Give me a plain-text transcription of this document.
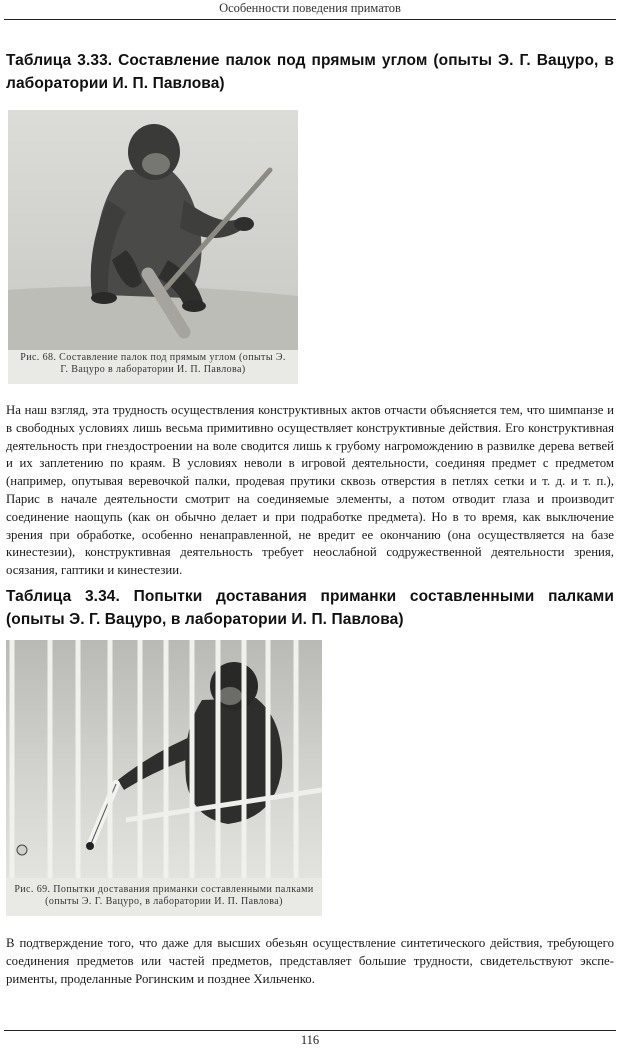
Особенности поведения приматов
Таблица 3.33. Составление палок под прямым углом (опыты Э. Г. Вацуро, в лаборатории И. П. Павлова)
Рис. 68. Составление палок под прямым углом (опыты Э. Г. Вацуро в лаборатории И. П. Павлова)
На наш взгляд, эта трудность осуществления конструктивных актов отчасти объясняется тем, что шимпанзе и в свободных условиях лишь весьма примитивно осуществляет конструктивные действия. Его конструктивная деятельность при гнездостроении на воле сводится лишь к грубому нагромождению в развилке дерева ветвей и их заплетению по краям. В условиях неволи в игровой деятельности, соединяя предмет с предметом (например, опутывая веревочкой палки, продевая прутики сквозь отверстия в петлях сетки и т. д. и т. п.), Парис в начале деятельности смотрит на соединяемые элементы, а потом отводит глаза и производит соединение наощупь (как он обычно делает и при подработке предмета). Но в то время, как выключение зрения при обработке, особенно ненаправленной, не вредит ее окончанию (она осуществляется на базе кинестезии), конструктивная деятельность требует неослабной содружественной деятельности зрения, осязания, гаптики и кинестезии.
Таблица 3.34. Попытки доставания приманки составленными палками (опыты Э. Г. Вацуро, в лаборатории И. П. Павлова)
Рис. 69. Попытки доставания приманки составленными палками (опыты Э. Г. Вацуро, в лаборатории И. П. Павлова)
В подтверждение того, что даже для высших обезьян осуществление синтетического действия, требующего соединения предметов или частей предметов, представляет большие трудности, свидетельствуют эксперименты, проделанные Рогинским и позднее Хильченко.
116
